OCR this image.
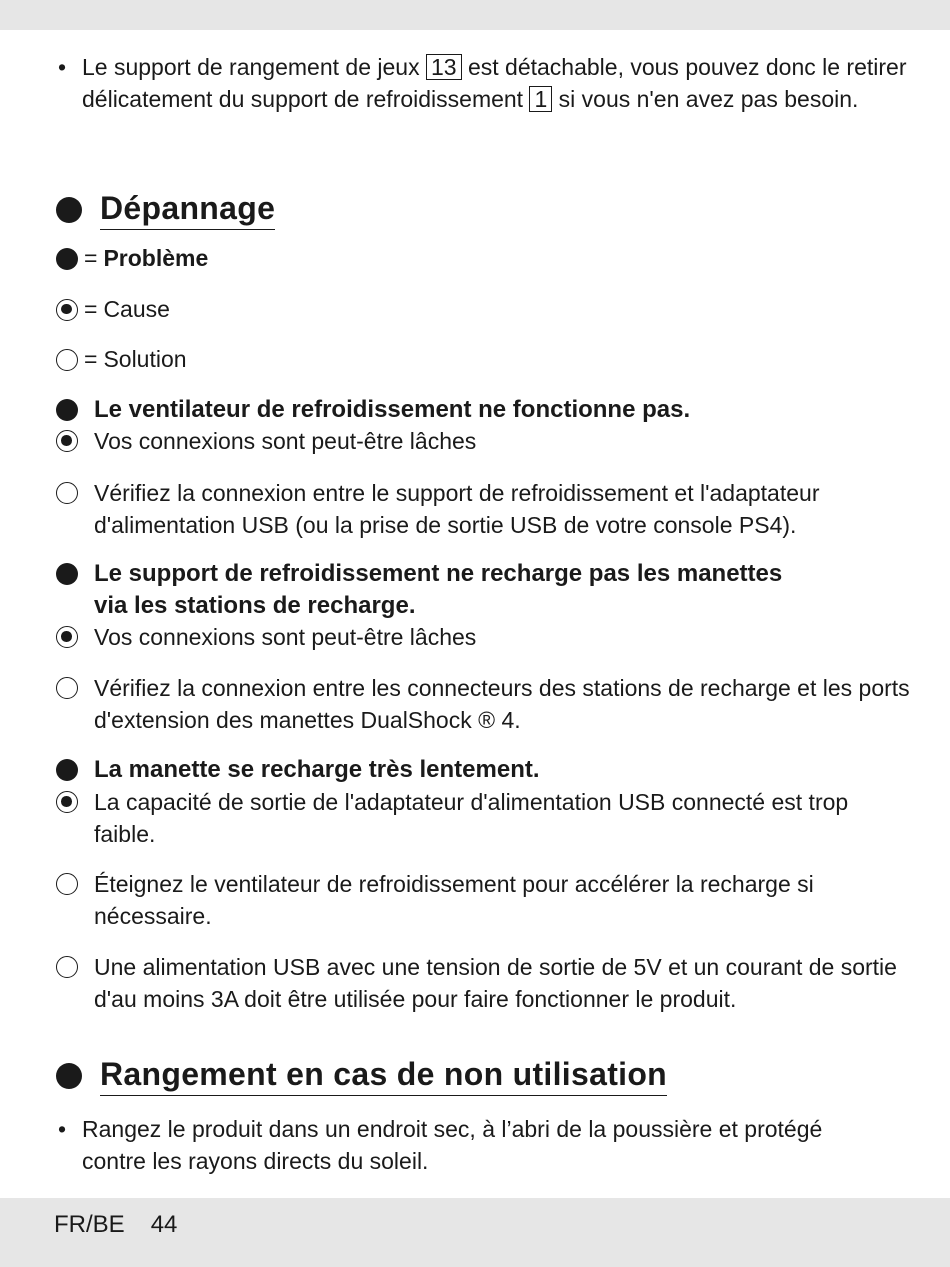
• Le support de rangement de jeux 13 est détachable, vous pouvez donc le retirer délicatement du support de refroidissement 1 si vous n'en avez pas besoin.
Dépannage
= Problème
= Cause
= Solution
Le ventilateur de refroidissement ne fonctionne pas.
Vos connexions sont peut-être lâches
Vérifiez la connexion entre le support de refroidissement et l'adaptateur d'alimentation USB (ou la prise de sortie USB de votre console PS4).
Le support de refroidissement ne recharge pas les manettes via les stations de recharge.
Vos connexions sont peut-être lâches
Vérifiez la connexion entre les connecteurs des stations de recharge et les ports d'extension des manettes DualShock ® 4.
La manette se recharge très lentement.
La capacité de sortie de l'adaptateur d'alimentation USB connecté est trop faible.
Éteignez le ventilateur de refroidissement pour accélérer la recharge si nécessaire.
Une alimentation USB avec une tension de sortie de 5V et un courant de sortie d'au moins 3A doit être utilisée pour faire fonctionner le produit.
Rangement en cas de non utilisation
• Rangez le produit dans un endroit sec, à l’abri de la poussière et protégé contre les rayons directs du soleil.
FR/BE 44
